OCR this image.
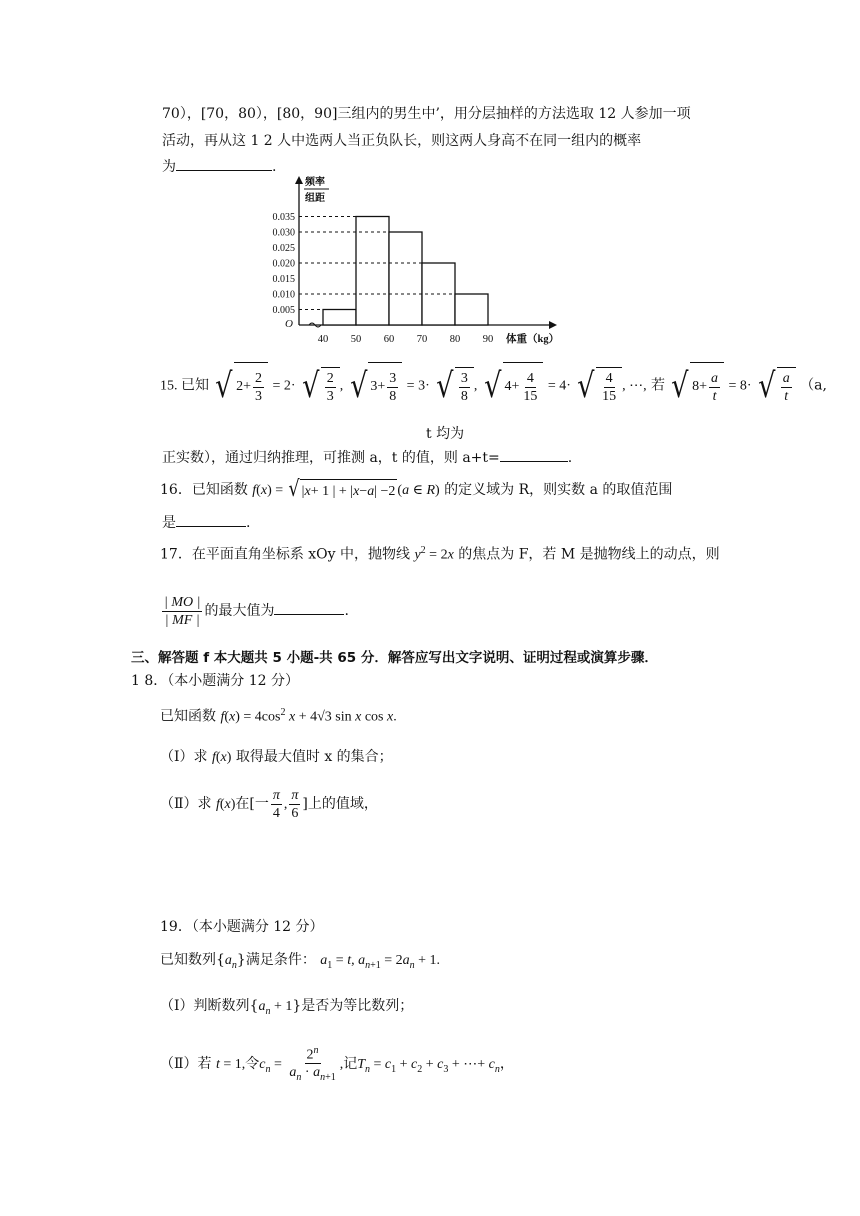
70），[70，80），[80，90]三组内的男生中’，用分层抽样的方法选取 12 人参加一项
活动，再从这 1 2 人中选两人当正负队长，则这两人身高不在同一组内的概率
为	.
0.035
0.030
0.025
0.020
0.015
0.010
0.005
40 50 60 70 80 90
O
频率
组距
体重（kg）
15. 已知 √ $2 + \frac{2}{3} = 2\cdot$ √ $\frac{2}{3}$ , √ $3 + \frac{3}{8} = 3\cdot$ √ $\frac{3}{8}$ , √ $4 + \frac{4}{15} = 4\cdot$ √ $\frac{4}{15}$ , ⋯, 若 √ $8 + \frac{a}{t} = 8\cdot$ √ $\frac{a}{t} (a$,
t 均为
正实数），通过归纳推理，可推测 a，t 的值，则 a+t=	.
16．已知函数 f(x) = √ | x + 1 | + | x − a | −2 (a ∈ R) 的定义域为 R，则实数 a 的取值范围
是	.
17．在平面直角坐标系 xOy 中，抛物线 $y^2 = 2x$ 的焦点为 F，若 M 是抛物线上的动点，则
$\frac{| MO |}{| MF |}$ 的最大值为	.
三、解答题 f 本大题共 5 小题-共 65 分．解答应写出文字说明、证明过程或演算步骤．
1 8．（本小题满分 12 分）
已知函数 $f(x) = 4\cos^2$ x + 4√3 sin x cos x.
（I）求 f(x) 取得最大值时 x 的集合；
（Ⅱ）求 f(x)在[一 $\frac{\pi}{4}$ , $\frac{\pi}{6}$ ]上的值域，
19．（本小题满分 12 分）
已知数列$\{a_n\}$满足条件： $a_1 = t$, $a_{n+1} = 2a_n + 1$.
（I）判断数列$\{a_n + 1\}$是否为等比数列；
（Ⅱ）若 t = 1,令$c_n = \frac{2^n}{a_n \cdot a_{n+1}}$ ,记$T_n = c_1 + c_2 + c_3$ + ⋯+ $c_n$，
